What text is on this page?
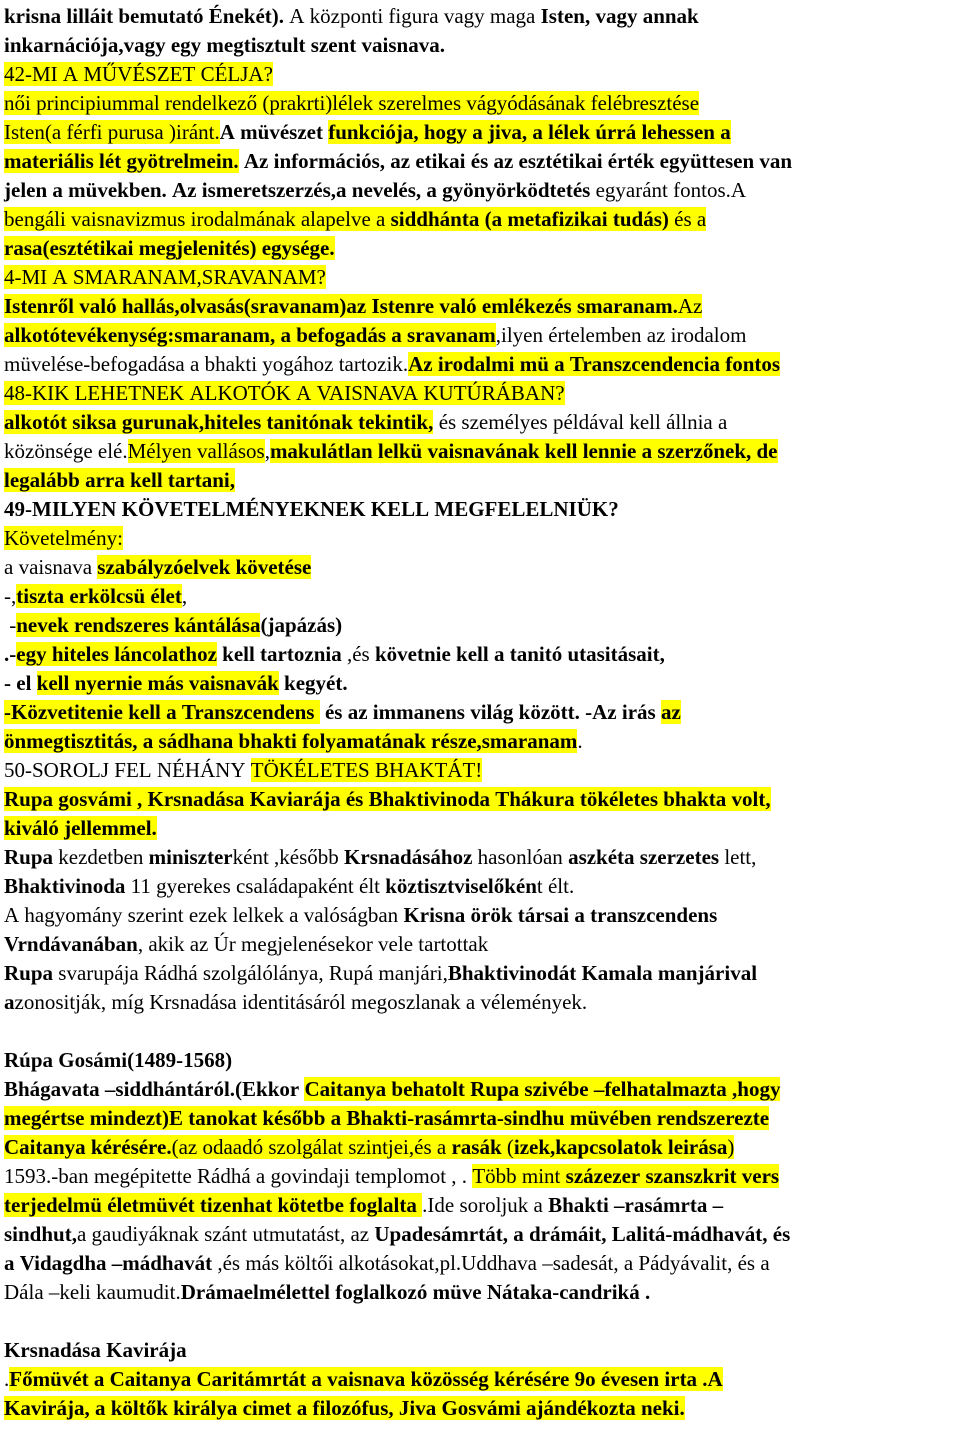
krisna lilláit bemutató Énekét). A központi figura vagy maga Isten, vagy annak
inkarnációja,vagy egy megtisztult szent vaisnava.
42-MI A MŰVÉSZET CÉLJA?
női principiummal rendelkező (prakrti)lélek szerelmes vágyódásának felébresztése
Isten(a férfi purusa )iránt.A müvészet funkciója, hogy a jiva, a lélek úrrá lehessen a
materiális lét gyötrelmein. Az információs, az etikai és az esztétikai érték együttesen van
jelen a müvekben. Az ismeretszerzés,a nevelés, a gyönyörködtetés egyaránt fontos.A
bengáli vaisnavizmus irodalmának alapelve a siddhánta (a metafizikai tudás) és a
rasa(esztétikai megjelenités) egysége.
4-MI A SMARANAM,SRAVANAM?
Istenről való hallás,olvasás(sravanam)az Istenre való emlékezés smaranam.Az
alkotótevékenység:smaranam, a befogadás a sravanam,ilyen értelemben az irodalom
müvelése-befogadása a bhakti yogához tartozik.Az irodalmi mü a Transzcendencia fontos
48-KIK LEHETNEK ALKOTÓK A VAISNAVA KUTÚRÁBAN?
alkotót siksa gurunak,hiteles tanitónak tekintik, és személyes példával kell állnia a
közönsége elé.Mélyen vallásos,makulátlan lelkü vaisnavának kell lennie a szerzőnek, de
legalább arra kell tartani,
49-MILYEN KÖVETELMÉNYEKNEK KELL MEGFELELNIÜK?
Követelmény:
a vaisnava szabályzóelvek követése
-,tiszta erkölcsü élet,
-nevek rendszeres kántálása(japázás)
.-egy hiteles láncolathoz kell tartoznia ,és követnie kell a tanitó utasitásait,
- el kell nyernie más vaisnavák kegyét.
-Közvetitenie kell a Transzcendens  és az immanens világ között. -Az irás az
önmegtisztitás, a sádhana bhakti folyamatának része,smaranam.
50-SOROLJ FEL NÉHÁNY TÖKÉLETES BHAKTÁT!
Rupa gosvámi , Krsnadása Kaviarája és Bhaktivinoda Thákura tökéletes bhakta volt,
kiváló jellemmel.
Rupa kezdetben miniszterként ,később Krsnadásához hasonlóan aszkéta szerzetes lett,
Bhaktivinoda 11 gyerekes családapaként élt köztisztviselőként élt.
A hagyomány szerint ezek lelkek a valóságban Krisna örök társai a transzcendens
Vrndávanában, akik az Úr megjelenésekor vele tartottak
Rupa svarupája Rádhá szolgálólánya, Rupá manjári,Bhaktivinodát Kamala manjárival
azonositják, míg Krsnadása identitásáról megoszlanak a vélemények.
Rúpa Gosámi(1489-1568)
Bhágavata –siddhántáról.(Ekkor Caitanya behatolt Rupa szivébe –felhatalmazta ,hogy
megértse mindezt)E tanokat később a Bhakti-rasámrta-sindhu müvében rendszerezte
Caitanya kérésére.(az odaadó szolgálat szintjei,és a rasák (izek,kapcsolatok leirása)
1593.-ban megépitette Rádhá a govindaji templomot , . Több mint százezer szanszkrit vers
terjedelmü életmüvét tizenhat kötetbe foglalta .Ide soroljuk a Bhakti –rasámrta –
sindhut,a gaudiyáknak szánt utmutatást, az Upadesámrtát, a drámáit, Lalitá-mádhavát, és
a Vidagdha –mádhavát ,és más költői alkotásokat,pl.Uddhava –sadesát, a Pádyávalit, és a
Dála –keli kaumudit.Drámaelmélettel foglalkozó müve Nátaka-candriká .
Krsnadása Kavirája
.Főmüvét a Caitanya Caritámrtát a vaisnava közösség kérésére 9o évesen irta .A
Kavirája, a költők királya cimet a filozófus, Jiva Gosvámi ajándékozta neki.
